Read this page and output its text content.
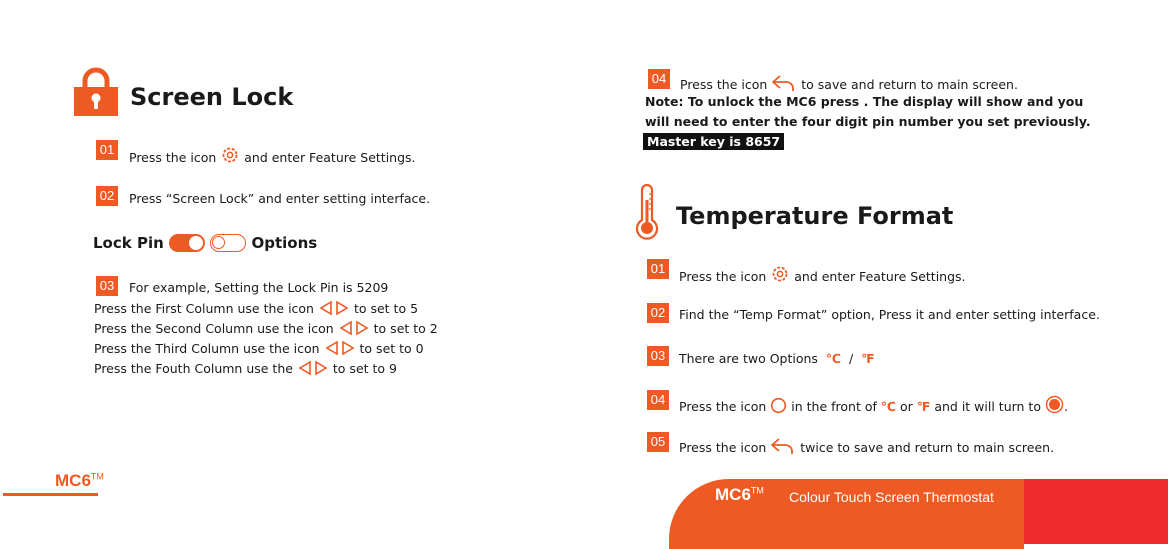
Screen Lock
01
Press the icon and enter Feature Settings.
02	Press “Screen Lock” and enter setting interface.
Lock Pin	Options
03	For example, Setting the Lock Pin is 5209
Press the First Column use the icon	to set to 5
Press the Second Column use the icon	to set to 2
Press the Third Column use the icon	to set to 0
Press the Fouth Column use the	to set to 9
MC6™
04	Press the icon	to save and return to main screen.
Note: To unlock the MC6 press . The display will show and you
will need to enter the four digit pin number you set previously.
Master key is 8657
Temperature Format
01
Press the icon and enter Feature Settings.
02	Find the “Temp Format” option, Press it and enter setting interface.
03	There are two Options ℃ / ℉
04	Press the icon in the front of ℃ or ℉ and it will turn to .
05	Press the icon	twice to save and return to main screen.
MC6™ Colour Touch Screen Thermostat
